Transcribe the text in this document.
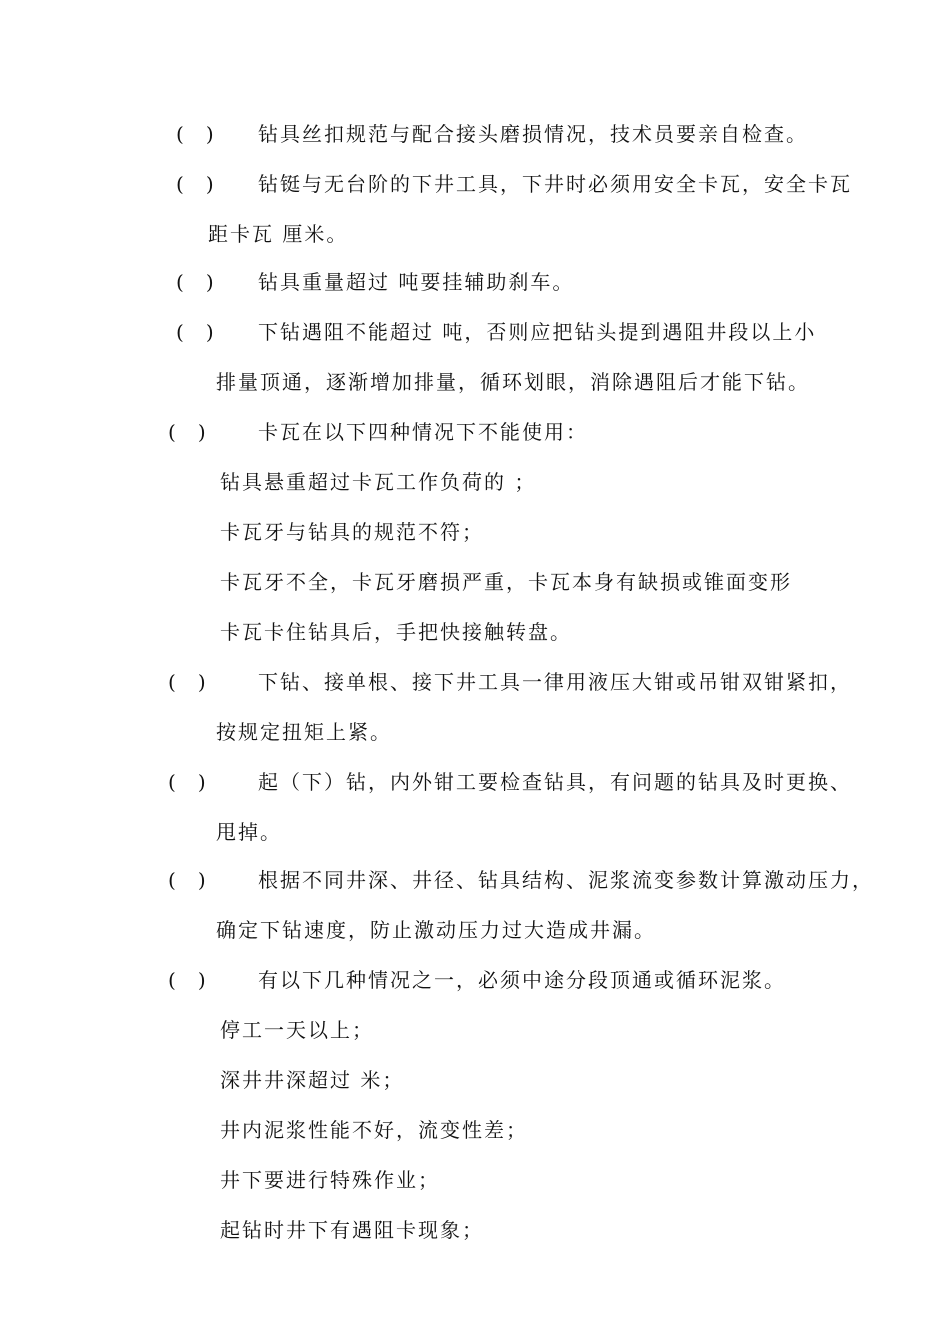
( ) 钻具丝扣规范与配合接头磨损情况，技术员要亲自检查。
( ) 钻铤与无台阶的下井工具，下井时必须用安全卡瓦，安全卡瓦
距卡瓦 厘米。
( ) 钻具重量超过 吨要挂辅助刹车。
( ) 下钻遇阻不能超过 吨，否则应把钻头提到遇阻井段以上小
排量顶通，逐渐增加排量，循环划眼，消除遇阻后才能下钻。
( )	卡瓦在以下四种情况下不能使用：
钻具悬重超过卡瓦工作负荷的 ；
卡瓦牙与钻具的规范不符；
卡瓦牙不全，卡瓦牙磨损严重，卡瓦本身有缺损或锥面变形
卡瓦卡住钻具后，手把快接触转盘。
( )	下钻、接单根、接下井工具一律用液压大钳或吊钳双钳紧扣，
按规定扭矩上紧。
( )	起（下）钻，内外钳工要检查钻具，有问题的钻具及时更换、
甩掉。
( )	根据不同井深、井径、钻具结构、泥浆流变参数计算激动压力，
确定下钻速度，防止激动压力过大造成井漏。
( )	有以下几种情况之一，必须中途分段顶通或循环泥浆。
停工一天以上；
深井井深超过 米；
井内泥浆性能不好，流变性差；
井下要进行特殊作业；
起钻时井下有遇阻卡现象；
